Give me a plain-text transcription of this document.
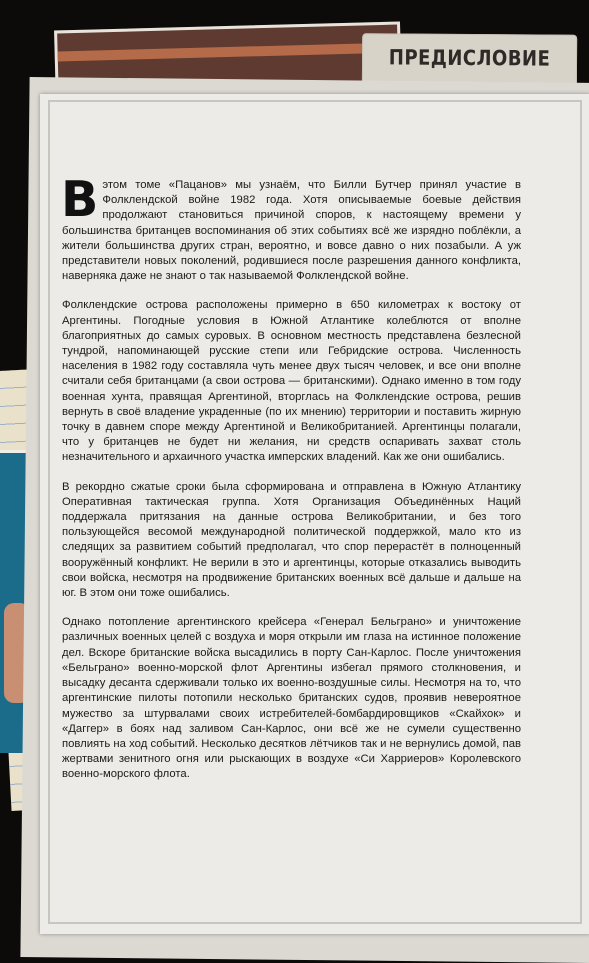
ПРЕДИСЛОВИЕ

Вэтом томе «Пацанов» мы узнаём, что Билли Бутчер принял участие в Фолклендской войне 1982 года. Хотя описываемые боевые действия продолжают становиться причиной споров, к настоящему времени у большинства британцев воспоминания об этих событиях всё же изрядно поблёкли, а жители большинства других стран, вероятно, и вовсе давно о них позабыли. А уж представители новых поколений, родившиеся после разрешения данного конфликта, наверняка даже не знают о так называемой Фолклендской войне.

Фолклендские острова расположены примерно в 650 километрах к востоку от Аргентины. Погодные условия в Южной Атлантике колеблются от вполне благоприятных до самых суровых. В основном местность представлена безлесной тундрой, напоминающей русские степи или Гебридские острова. Численность населения в 1982 году составляла чуть менее двух тысяч человек, и все они вполне считали себя британцами (а свои острова — британскими). Однако именно в том году военная хунта, правящая Аргентиной, вторглась на Фолклендские острова, решив вернуть в своё владение украденные (по их мнению) территории и поставить жирную точку в давнем споре между Аргентиной и Великобританией. Аргентинцы полагали, что у британцев не будет ни желания, ни средств оспаривать захват столь незначительного и архаичного участка имперских владений. Как же они ошибались.

В рекордно сжатые сроки была сформирована и отправлена в Южную Атлантику Оперативная тактическая группа. Хотя Организация Объединённых Наций поддержала притязания на данные острова Великобритании, и без того пользующейся весомой международной политической поддержкой, мало кто из следящих за развитием событий предполагал, что спор перерастёт в полноценный вооружённый конфликт. Не верили в это и аргентинцы, которые отказались выводить свои войска, несмотря на продвижение британских военных всё дальше и дальше на юг. В этом они тоже ошибались.

Однако потопление аргентинского крейсера «Генерал Бельграно» и уничтожение различных военных целей с воздуха и моря открыли им глаза на истинное положение дел. Вскоре британские войска высадились в порту Сан-Карлос. После уничтожения «Бельграно» военно-морской флот Аргентины избегал прямого столкновения, и высадку десанта сдерживали только их военно-воздушные силы. Несмотря на то, что аргентинские пилоты потопили несколько британских судов, проявив невероятное мужество за штурвалами своих истребителей-бомбардировщиков «Скайхок» и «Даггер» в боях над заливом Сан-Карлос, они всё же не сумели существенно повлиять на ход событий. Несколько десятков лётчиков так и не вернулись домой, пав жертвами зенитного огня или рыскающих в воздухе «Си Харриеров» Королевского военно-морского флота.
